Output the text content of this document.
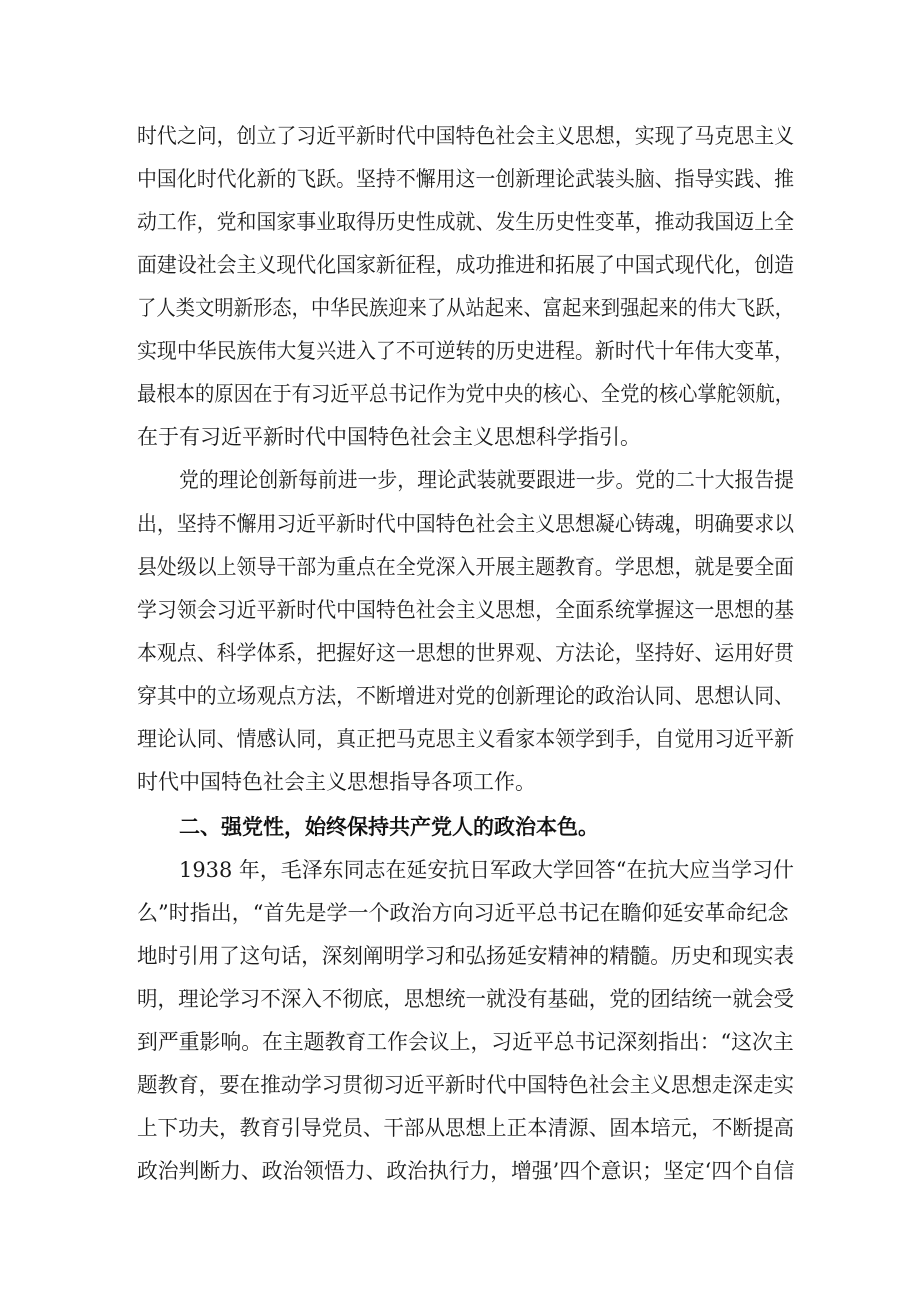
时代之问，创立了习近平新时代中国特色社会主义思想，实现了马克思主义
中国化时代化新的飞跃。坚持不懈用这一创新理论武装头脑、指导实践、推
动工作，党和国家事业取得历史性成就、发生历史性变革，推动我国迈上全
面建设社会主义现代化国家新征程，成功推进和拓展了中国式现代化，创造
了人类文明新形态，中华民族迎来了从站起来、富起来到强起来的伟大飞跃，
实现中华民族伟大复兴进入了不可逆转的历史进程。新时代十年伟大变革，
最根本的原因在于有习近平总书记作为党中央的核心、全党的核心掌舵领航，
在于有习近平新时代中国特色社会主义思想科学指引。
党的理论创新每前进一步，理论武装就要跟进一步。党的二十大报告提
出，坚持不懈用习近平新时代中国特色社会主义思想凝心铸魂，明确要求以
县处级以上领导干部为重点在全党深入开展主题教育。学思想，就是要全面
学习领会习近平新时代中国特色社会主义思想，全面系统掌握这一思想的基
本观点、科学体系，把握好这一思想的世界观、方法论，坚持好、运用好贯
穿其中的立场观点方法，不断增进对党的创新理论的政治认同、思想认同、
理论认同、情感认同，真正把马克思主义看家本领学到手，自觉用习近平新
时代中国特色社会主义思想指导各项工作。
二、强党性，始终保持共产党人的政治本色。
1938 年，毛泽东同志在延安抗日军政大学回答“在抗大应当学习什
么”时指出，“首先是学一个政治方向习近平总书记在瞻仰延安革命纪念
地时引用了这句话，深刻阐明学习和弘扬延安精神的精髓。历史和现实表
明，理论学习不深入不彻底，思想统一就没有基础，党的团结统一就会受
到严重影响。在主题教育工作会议上，习近平总书记深刻指出：“这次主
题教育，要在推动学习贯彻习近平新时代中国特色社会主义思想走深走实
上下功夫，教育引导党员、干部从思想上正本清源、固本培元，不断提高
政治判断力、政治领悟力、政治执行力，增强’四个意识；坚定‘四个自信
